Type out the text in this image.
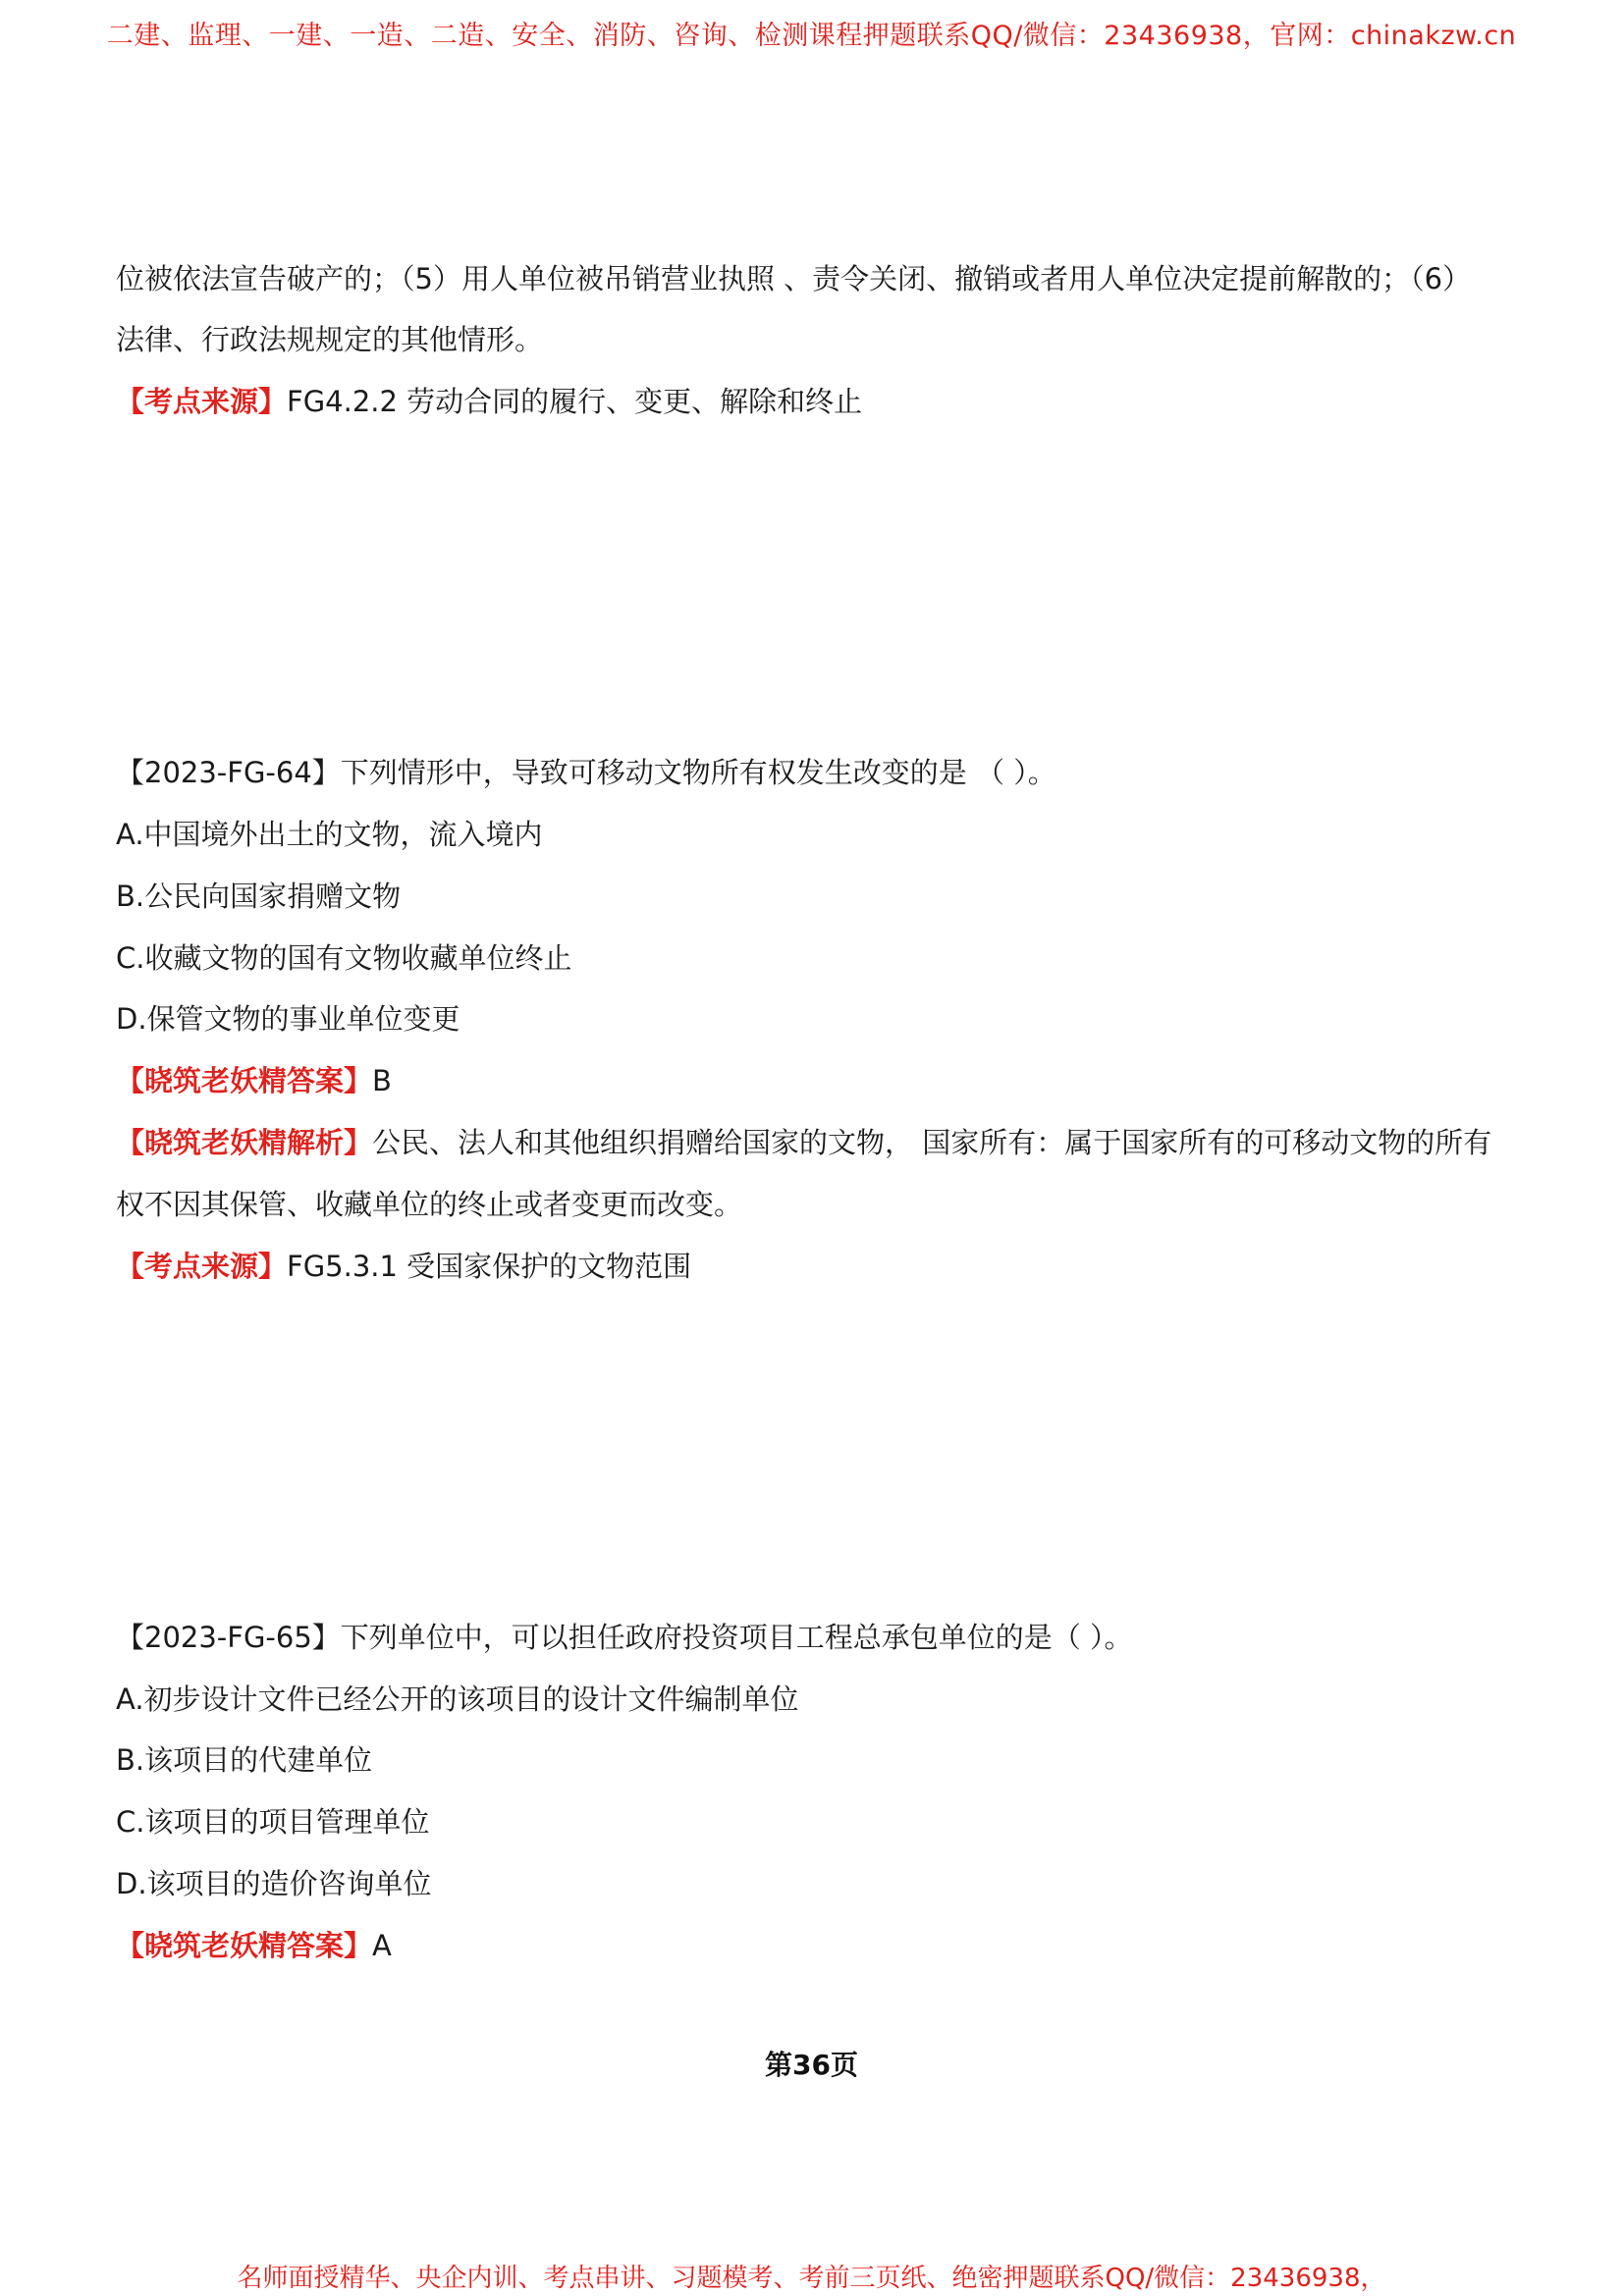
二建、监理、一建、一造、二造、安全、消防、咨询、检测课程押题联系QQ/微信：23436938，官网：chinakzw.cn
位被依法宣告破产的；（5）用人单位被吊销营业执照 、责令关闭、撤销或者用人单位决定提前解散的；（6）
法律、行政法规规定的其他情形。
【考点来源】FG4.2.2 劳动合同的履行、变更、解除和终止
【2023-FG-64】下列情形中，导致可移动文物所有权发生改变的是 （ ）。
A.中国境外出土的文物，流入境内
B.公民向国家捐赠文物
C.收藏文物的国有文物收藏单位终止
D.保管文物的事业单位变更
【晓筑老妖精答案】B
【晓筑老妖精解析】公民、法人和其他组织捐赠给国家的文物， 国家所有：属于国家所有的可移动文物的所有
权不因其保管、收藏单位的终止或者变更而改变。
【考点来源】FG5.3.1 受国家保护的文物范围
【2023-FG-65】下列单位中，可以担任政府投资项目工程总承包单位的是（ ）。
A.初步设计文件已经公开的该项目的设计文件编制单位
B.该项目的代建单位
C.该项目的项目管理单位
D.该项目的造价咨询单位
【晓筑老妖精答案】A
第36页
名师面授精华、央企内训、考点串讲、习题模考、考前三页纸、绝密押题联系QQ/微信：23436938，
